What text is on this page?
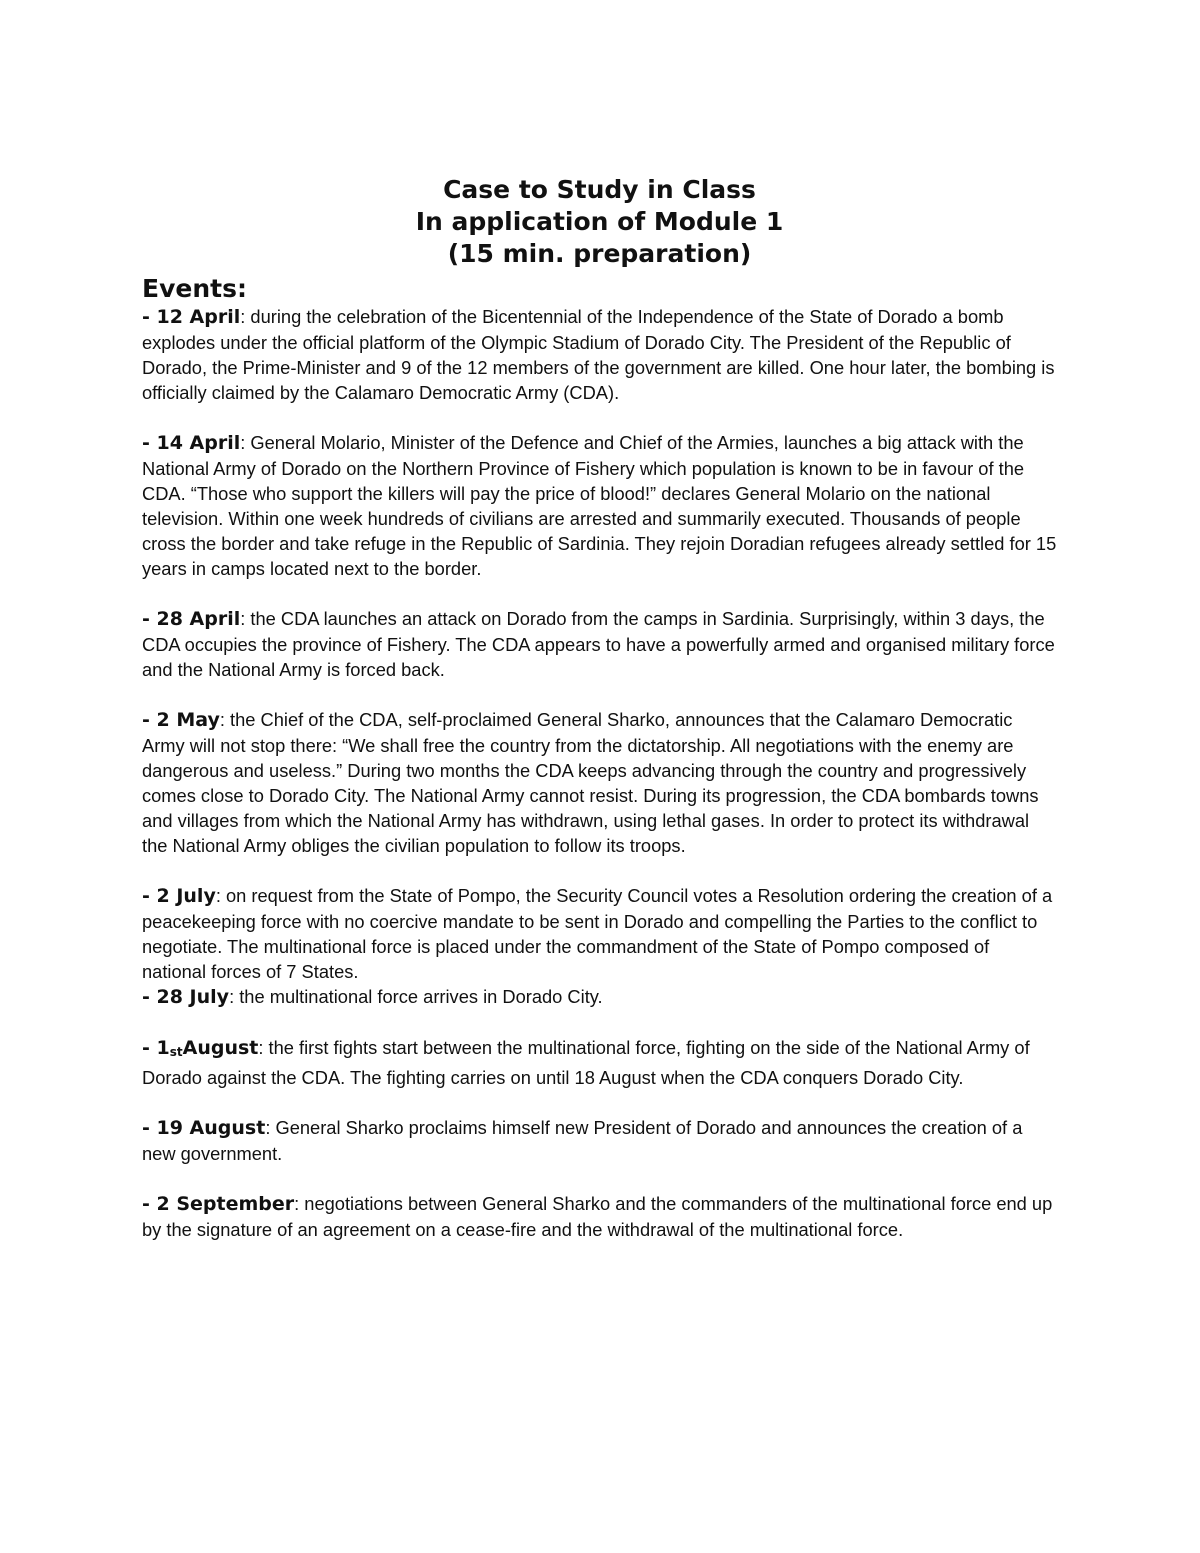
Case to Study in Class
In application of Module 1
(15 min. preparation)
Events:

- 12 April: during the celebration of the Bicentennial of the Independence of the State of Dorado a bomb explodes under the official platform of the Olympic Stadium of Dorado City. The President of the Republic of Dorado, the Prime-Minister and 9 of the 12 members of the government are killed. One hour later, the bombing is officially claimed by the Calamaro Democratic Army (CDA).

- 14 April: General Molario, Minister of the Defence and Chief of the Armies, launches a big attack with the National Army of Dorado on the Northern Province of Fishery which population is known to be in favour of the CDA. “Those who support the killers will pay the price of blood!” declares General Molario on the national television. Within one week hundreds of civilians are arrested and summarily executed. Thousands of people cross the border and take refuge in the Republic of Sardinia. They rejoin Doradian refugees already settled for 15 years in camps located next to the border.

- 28 April: the CDA launches an attack on Dorado from the camps in Sardinia. Surprisingly, within 3 days, the CDA occupies the province of Fishery. The CDA appears to have a powerfully armed and organised military force and the National Army is forced back.

- 2 May: the Chief of the CDA, self-proclaimed General Sharko, announces that the Calamaro Democratic Army will not stop there: “We shall free the country from the dictatorship. All negotiations with the enemy are dangerous and useless.” During two months the CDA keeps advancing through the country and progressively comes close to Dorado City. The National Army cannot resist. During its progression, the CDA bombards towns and villages from which the National Army has withdrawn, using lethal gases. In order to protect its withdrawal the National Army obliges the civilian population to follow its troops.

- 2 July: on request from the State of Pompo, the Security Council votes a Resolution ordering the creation of a peacekeeping force with no coercive mandate to be sent in Dorado and compelling the Parties to the conflict to negotiate. The multinational force is placed under the commandment of the State of Pompo composed of national forces of 7 States.

- 28 July: the multinational force arrives in Dorado City.

- 1stAugust: the first fights start between the multinational force, fighting on the side of the National Army of Dorado against the CDA. The fighting carries on until 18 August when the CDA conquers Dorado City.

- 19 August: General Sharko proclaims himself new President of Dorado and announces the creation of a new government.

- 2 September: negotiations between General Sharko and the commanders of the multinational force end up by the signature of an agreement on a cease-fire and the withdrawal of the multinational force.
